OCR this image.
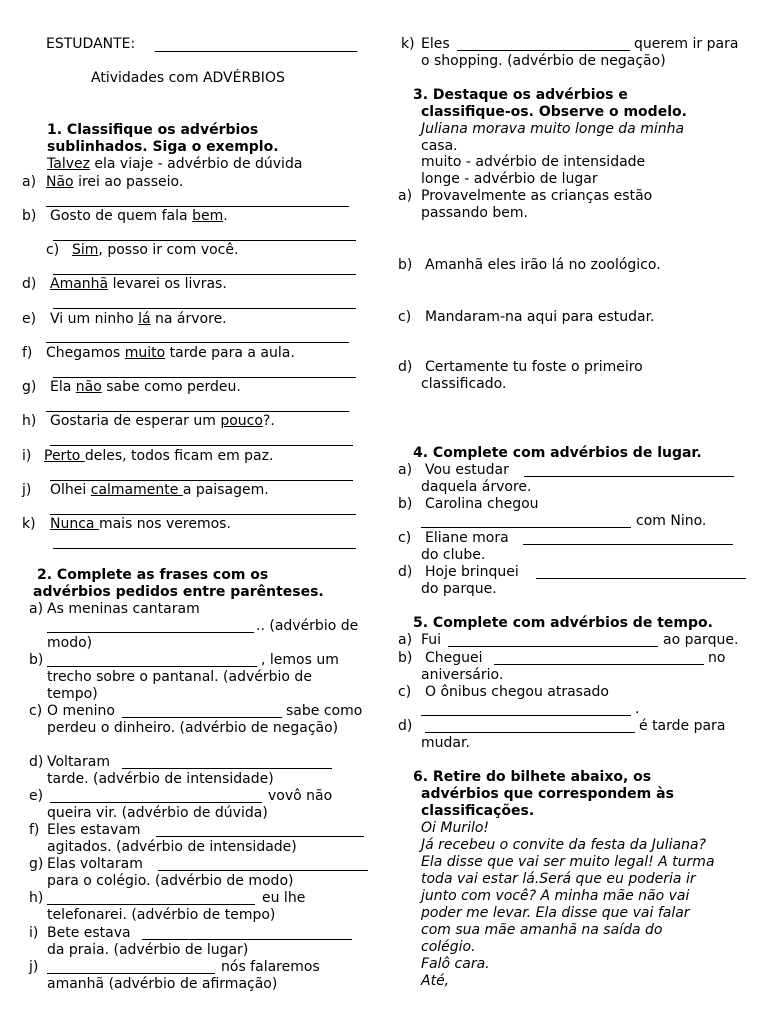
ESTUDANTE:
Atividades com ADVÉRBIOS
1. Classifique os advérbios
sublinhados. Siga o exemplo.
Talvez ela viaje - advérbio de dúvida
a) Não irei ao passeio.
b) Gosto de quem fala bem.
c) Sim, posso ir com você.
d) Amanhã levarei os livras.
e) Vi um ninho lá na árvore.
f) Chegamos muito tarde para a aula.
g) Ela não sabe como perdeu.
h) Gostaria de esperar um pouco?.
i) Perto deles, todos ficam em paz.
j) Olhei calmamente a paisagem.
k) Nunca mais nos veremos.
2. Complete as frases com os
advérbios pedidos entre parênteses.
a) As meninas cantaram
.. (advérbio de
modo)
b)	, lemos um
trecho sobre o pantanal. (advérbio de
tempo)
c) O menino	sabe como
perdeu o dinheiro. (advérbio de negação)
d) Voltaram
tarde. (advérbio de intensidade)
e)	vovô não
queira vir. (advérbio de dúvida)
f) Eles estavam
agitados. (advérbio de intensidade)
g) Elas voltaram
para o colégio. (advérbio de modo)
h)	eu lhe
telefonarei. (advérbio de tempo)
i) Bete estava
da praia. (advérbio de lugar)
j)	nós falaremos
amanhã (advérbio de afirmação)
k) Eles	querem ir para
o shopping. (advérbio de negação)
3. Destaque os advérbios e
classifique-os. Observe o modelo.
Juliana morava muito longe da minha
casa.
muito - advérbio de intensidade
longe - advérbio de lugar
a) Provavelmente as crianças estão
passando bem.
b) Amanhã eles irão lá no zoológico.
c) Mandaram-na aqui para estudar.
d) Certamente tu foste o primeiro
classificado.
4. Complete com advérbios de lugar.
a) Vou estudar
daquela árvore.
b) Carolina chegou
com Nino.
c) Eliane mora
do clube.
d) Hoje brinquei
do parque.
5. Complete com advérbios de tempo.
a) Fui	ao parque.
b) Cheguei	no
aniversário.
c) O ônibus chegou atrasado
.
d)	é tarde para
mudar.
6. Retire do bilhete abaixo, os
advérbios que correspondem às
classificações.
Oi Murilo!
Já recebeu o convite da festa da Juliana?
Ela disse que vai ser muito legal! A turma
toda vai estar lá.Será que eu poderia ir
junto com você? A minha mãe não vai
poder me levar. Ela disse que vai falar
com sua mãe amanhã na saída do
colégio.
Falô cara.
Até,
